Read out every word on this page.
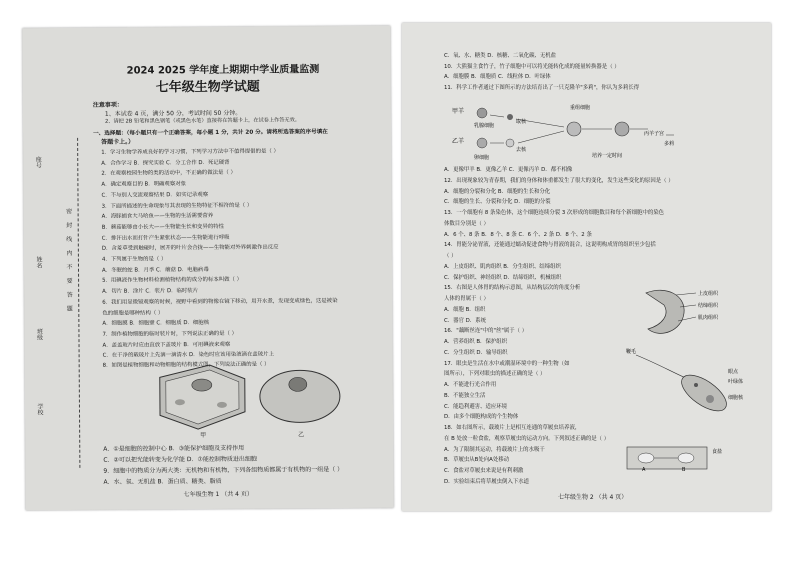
2024 2025 学年度上期期中学业质量监测
七年级生物学试题
注意事项：
1、本试卷 4 页，满分 50 分，考试时间 50 分钟。
2、请把 2B 铅笔和黑色钢笔（或黑色水笔）直接将在答题卡上，在试卷上作答无效。
一、选择题：（每小题只有一个正确答案，每小题 1 分，共计 20 分。请将所选答案的序号填在
答题卡上。）
1．学习生物学养成良好的学习习惯，下列学习方法中不值得提倡的是（ ）
A．合作学习 B．探究实验 C．分工合作 D．死记硬背
2．在观察校园生物的类的活动中，不正确的做法是（ ）
A．确定观察目的 B．明确观察对象
C．不与别人交流观察结果 D．如实记录观察
3．下面所描述的生命现象与其表现的生物特征不相符的是（ ）
A．海豚捕食大马哈鱼——生物的生活需要营养
B．蘑菇能够由小长大——生物能生长和变异的特性
C．排汗出水而打针产生紧张状态——生物能进行呼吸
D．含羞草受到触碰时，展开的叶片会合拢——生物能对外界刺激作出反应
4．下列属于生物的是（ ）
A．冬眠的蛇 B．月季 C．蘑菇 D．电脑病毒
5．用碘液作生物材料检测植物结构的成分的标本叫做（ ）
A．切片 B．涂片 C．装片 D．临时装片
6．我们用显微镜观察的时候，视野中看到的物像在镜下移动，用开水煮，发现变成绿色，这是被染
色的细胞是哪种结构（ ）
A．细胞膜 B．细胞壁 C．细胞质 D．细胞核
7．制作植物细胞的临时装片时，下列说法正确的是（ ）
A．盖盖玻片时应由直放下盖玻片 B．可用碘液来观察
甲	乙
C．在干净的载玻片上先滴一滴清水 D．染色时应该用染液滴在盖玻片上
8．如图是植物细胞和动物细胞的结构模式图，下列说法正确的是（ ）
A．①是细胞的控制中心 B．③能保护细胞及支持作用
C．②可以把光能转变为化学能 D．⑦能控制物质进出细胞
9．细胞中的物质分为两大类：无机物和有机物，下列各组物质都属于有机物的一组是（ ）
A．水、氧、无机盐 B．蛋白质、糖类、脂质
七年级生物 1 （共 4 页）
座号
姓名
班级
学校
密 封 线 内 不 要 答 题
C．氧、水、糖类 D．核糖、二氧化碳、无机盐
10．大熊猫主食竹子，竹子细胞中可以将光能转化成的能量转换器是（ ）
A．细胞膜 B．细胞质 C．线粒体 D．叶绿体
11．科学工作者通过下图所示的方法培育出了一只克隆羊"多莉"，你认为多莉长得
甲羊
乳腺细胞
取核
重组细胞
乙羊
卵细胞
去核
培养一定时间
丙羊子宫
多莉
A．更像甲羊 B．更像乙羊 C．更像丙羊 D．都不相像
12．出现现象较为青春期，我们的身体和体重都发生了很大的变化，发生这些变化的原因是（ ）
A．细胞的分裂和分化 B．细胞的生长和分化
C．细胞的生长、分裂和分化 D．细胞的分裂
13．一个细胞有 8 条染色体，这个细胞连续分裂 3 次形成的细胞数目和每个新细胞中的染色
体数目分别是（ ）
A．6 个、8 条 B．8 个、8 条 C．6 个、2 条 D．8 个、2 条
14．胃能分泌胃液，还能通过蠕动促进食物与胃液的混合，这说明构成胃的组织至少包括
（ ）
A．上皮组织、肌肉组织 B．分生组织、结缔组织
C．保护组织、神经组织 D．结缔组织、机械组织
15．右图是人体胃的结构示意图，从结构层次的角度分析
人体的胃属于（ ）
A．细胞 B．组织
C．器官 D．系统
16．"藕断丝连"中的"丝"属于（ ）
A．营养组织 B．保护组织
C．分生组织 D．输导组织
17．眼虫是生活在水中或潮湿环境中的一种生物（如
图所示），下列对眼虫的描述正确的是（ ）
A．不能进行光合作用
B．不能独立生活
C．能趋利避害、适应环境
D．由多个细胞构成的个生物体
18．如右图所示，载玻片上是相互连通的草履虫培养液，
在 B 处放一粒食盐，观察草履虫的运动方向。下列叙述正确的是（ ）
A．为了限制其运动，将载玻片上的水吸干
B．草履虫从B处向A处移动
C．食盐对草履虫来说是有利刺激
D．实验结束后将草履虫倒入下水道
上皮组织
结缔组织
肌肉组织
鞭毛
眼点
叶绿体
细胞核
A	B
食盐
七年级生物 2 （共 4 页）
